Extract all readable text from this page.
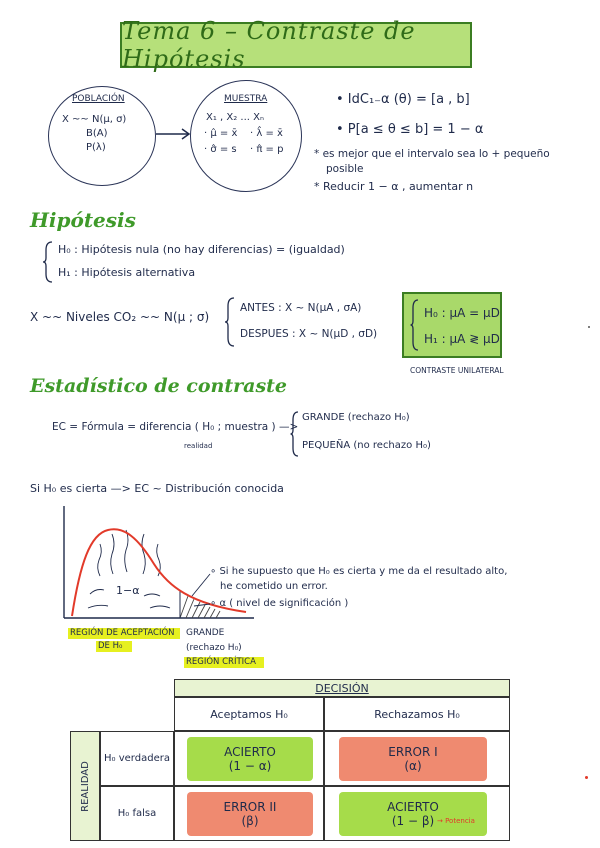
Tema 6 – Contraste de Hipótesis
POBLACIÓN
X ~~ N(μ, σ)
B(A)
P(λ)
MUESTRA
X₁ , X₂ ... Xₙ
· μ̂ = x̄ · λ̂ = x̄
· σ̂ = s · π̂ = p
• IdC₁₋α (θ) = [a , b]
• P[a ≤ θ ≤ b] = 1 − α
* es mejor que el intervalo sea lo + pequeño
posible
* Reducir 1 − α , aumentar n
Hipótesis
H₀ : Hipótesis nula (no hay diferencias) = (igualdad)
H₁ : Hipótesis alternativa
X ~~ Niveles CO₂ ~~ N(μ ; σ)
ANTES : X ~ N(μA , σA)
DESPUES : X ~ N(μD , σD)
H₀ : μA = μD
H₁ : μA ≷ μD
CONTRASTE UNILATERAL
Estadístico de contraste
EC = Fórmula = diferencia ( H₀ ; muestra ) —>
realidad
GRANDE (rechazo H₀)
PEQUEÑA (no rechazo H₀)
Si H₀ es cierta —> EC ~ Distribución conocida
1−α
∘ Si he supuesto que H₀ es cierta y me da el resultado alto,
he cometido un error.
∘ α ( nivel de significación )
REGIÓN DE ACEPTACIÓN
DE H₀
GRANDE
(rechazo H₀)
REGIÓN CRÍTICA
DECISIÓN
Aceptamos H₀	Rechazamos H₀
REALIDAD
H₀ verdadera
H₀ falsa
ACIERTO
(1 − α)
ERROR I
(α)
ERROR II
(β)
ACIERTO
(1 − β) → Potencia
